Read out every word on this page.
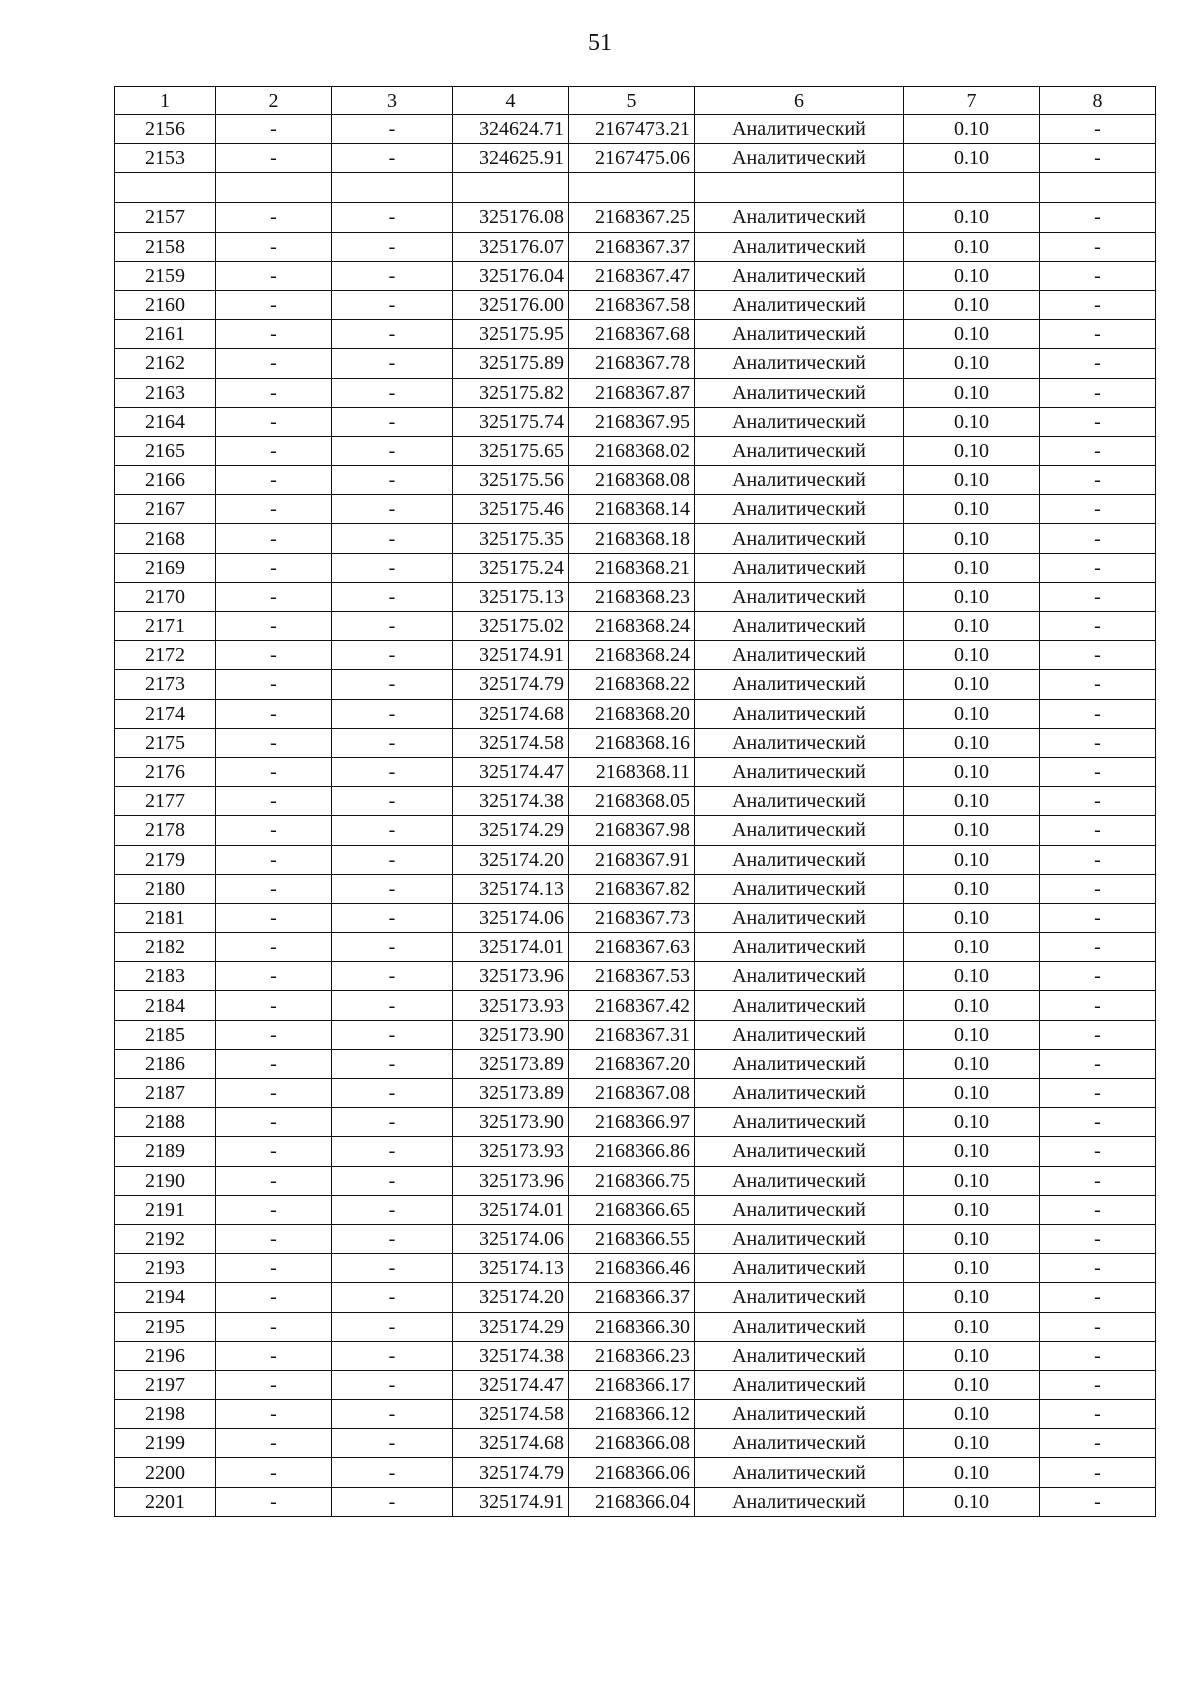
51
1	2	3	4	5	6	7	8
2156	-	-	324624.71	2167473.21	Аналитический	0.10	-
2153	-	-	324625.91	2167475.06	Аналитический	0.10	-

2157	-	-	325176.08	2168367.25	Аналитический	0.10	-
2158	-	-	325176.07	2168367.37	Аналитический	0.10	-
2159	-	-	325176.04	2168367.47	Аналитический	0.10	-
2160	-	-	325176.00	2168367.58	Аналитический	0.10	-
2161	-	-	325175.95	2168367.68	Аналитический	0.10	-
2162	-	-	325175.89	2168367.78	Аналитический	0.10	-
2163	-	-	325175.82	2168367.87	Аналитический	0.10	-
2164	-	-	325175.74	2168367.95	Аналитический	0.10	-
2165	-	-	325175.65	2168368.02	Аналитический	0.10	-
2166	-	-	325175.56	2168368.08	Аналитический	0.10	-
2167	-	-	325175.46	2168368.14	Аналитический	0.10	-
2168	-	-	325175.35	2168368.18	Аналитический	0.10	-
2169	-	-	325175.24	2168368.21	Аналитический	0.10	-
2170	-	-	325175.13	2168368.23	Аналитический	0.10	-
2171	-	-	325175.02	2168368.24	Аналитический	0.10	-
2172	-	-	325174.91	2168368.24	Аналитический	0.10	-
2173	-	-	325174.79	2168368.22	Аналитический	0.10	-
2174	-	-	325174.68	2168368.20	Аналитический	0.10	-
2175	-	-	325174.58	2168368.16	Аналитический	0.10	-
2176	-	-	325174.47	2168368.11	Аналитический	0.10	-
2177	-	-	325174.38	2168368.05	Аналитический	0.10	-
2178	-	-	325174.29	2168367.98	Аналитический	0.10	-
2179	-	-	325174.20	2168367.91	Аналитический	0.10	-
2180	-	-	325174.13	2168367.82	Аналитический	0.10	-
2181	-	-	325174.06	2168367.73	Аналитический	0.10	-
2182	-	-	325174.01	2168367.63	Аналитический	0.10	-
2183	-	-	325173.96	2168367.53	Аналитический	0.10	-
2184	-	-	325173.93	2168367.42	Аналитический	0.10	-
2185	-	-	325173.90	2168367.31	Аналитический	0.10	-
2186	-	-	325173.89	2168367.20	Аналитический	0.10	-
2187	-	-	325173.89	2168367.08	Аналитический	0.10	-
2188	-	-	325173.90	2168366.97	Аналитический	0.10	-
2189	-	-	325173.93	2168366.86	Аналитический	0.10	-
2190	-	-	325173.96	2168366.75	Аналитический	0.10	-
2191	-	-	325174.01	2168366.65	Аналитический	0.10	-
2192	-	-	325174.06	2168366.55	Аналитический	0.10	-
2193	-	-	325174.13	2168366.46	Аналитический	0.10	-
2194	-	-	325174.20	2168366.37	Аналитический	0.10	-
2195	-	-	325174.29	2168366.30	Аналитический	0.10	-
2196	-	-	325174.38	2168366.23	Аналитический	0.10	-
2197	-	-	325174.47	2168366.17	Аналитический	0.10	-
2198	-	-	325174.58	2168366.12	Аналитический	0.10	-
2199	-	-	325174.68	2168366.08	Аналитический	0.10	-
2200	-	-	325174.79	2168366.06	Аналитический	0.10	-
2201	-	-	325174.91	2168366.04	Аналитический	0.10	-
